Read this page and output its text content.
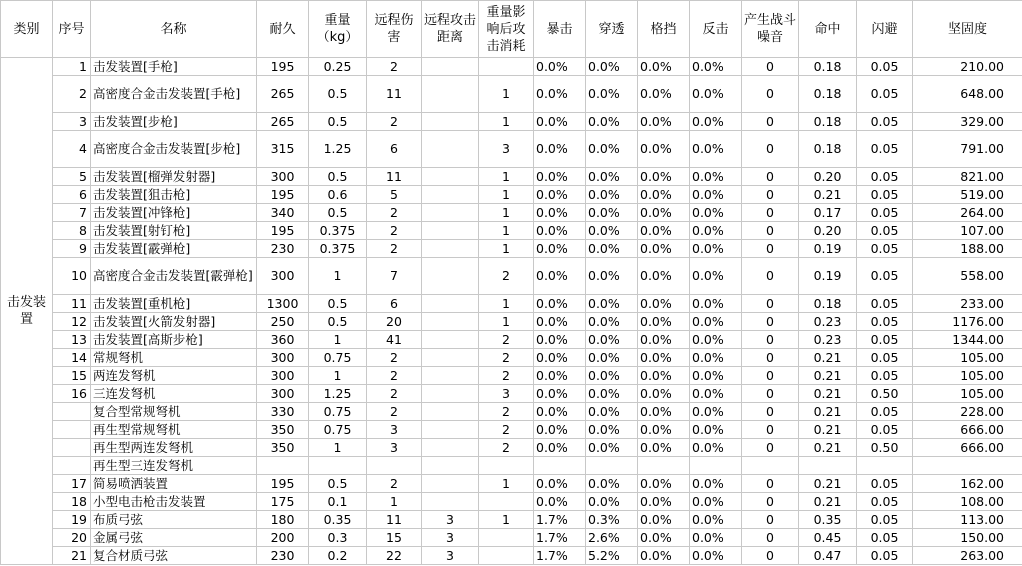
类别	序号	名称	耐久	重量（kg）	远程伤害	远程攻击距离	重量影响后攻击消耗	暴击	穿透	格挡	反击	产生战斗噪音	命中	闪避	坚固度
击发装置	1	击发装置[手枪]	195	0.25	2			0.0%	0.0%	0.0%	0.0%	0	0.18	0.05	210.00
	2	高密度合金击发装置[手枪]	265	0.5	11		1	0.0%	0.0%	0.0%	0.0%	0	0.18	0.05	648.00
	3	击发装置[步枪]	265	0.5	2		1	0.0%	0.0%	0.0%	0.0%	0	0.18	0.05	329.00
	4	高密度合金击发装置[步枪]	315	1.25	6		3	0.0%	0.0%	0.0%	0.0%	0	0.18	0.05	791.00
	5	击发装置[榴弹发射器]	300	0.5	11		1	0.0%	0.0%	0.0%	0.0%	0	0.20	0.05	821.00
	6	击发装置[狙击枪]	195	0.6	5		1	0.0%	0.0%	0.0%	0.0%	0	0.21	0.05	519.00
	7	击发装置[冲锋枪]	340	0.5	2		1	0.0%	0.0%	0.0%	0.0%	0	0.17	0.05	264.00
	8	击发装置[射钉枪]	195	0.375	2		1	0.0%	0.0%	0.0%	0.0%	0	0.20	0.05	107.00
	9	击发装置[霰弹枪]	230	0.375	2		1	0.0%	0.0%	0.0%	0.0%	0	0.19	0.05	188.00
	10	高密度合金击发装置[霰弹枪]	300	1	7		2	0.0%	0.0%	0.0%	0.0%	0	0.19	0.05	558.00
	11	击发装置[重机枪]	1300	0.5	6		1	0.0%	0.0%	0.0%	0.0%	0	0.18	0.05	233.00
	12	击发装置[火箭发射器]	250	0.5	20		1	0.0%	0.0%	0.0%	0.0%	0	0.23	0.05	1176.00
	13	击发装置[高斯步枪]	360	1	41		2	0.0%	0.0%	0.0%	0.0%	0	0.23	0.05	1344.00
	14	常规弩机	300	0.75	2		2	0.0%	0.0%	0.0%	0.0%	0	0.21	0.05	105.00
	15	两连发弩机	300	1	2		2	0.0%	0.0%	0.0%	0.0%	0	0.21	0.05	105.00
	16	三连发弩机	300	1.25	2		3	0.0%	0.0%	0.0%	0.0%	0	0.21	0.50	105.00
		复合型常规弩机	330	0.75	2		2	0.0%	0.0%	0.0%	0.0%	0	0.21	0.05	228.00
		再生型常规弩机	350	0.75	3		2	0.0%	0.0%	0.0%	0.0%	0	0.21	0.05	666.00
		再生型两连发弩机	350	1	3		2	0.0%	0.0%	0.0%	0.0%	0	0.21	0.50	666.00
		再生型三连发弩机													
	17	简易喷洒装置	195	0.5	2		1	0.0%	0.0%	0.0%	0.0%	0	0.21	0.05	162.00
	18	小型电击枪击发装置	175	0.1	1			0.0%	0.0%	0.0%	0.0%	0	0.21	0.05	108.00
	19	布质弓弦	180	0.35	11	3	1	1.7%	0.3%	0.0%	0.0%	0	0.35	0.05	113.00
	20	金属弓弦	200	0.3	15	3		1.7%	2.6%	0.0%	0.0%	0	0.45	0.05	150.00
	21	复合材质弓弦	230	0.2	22	3		1.7%	5.2%	0.0%	0.0%	0	0.47	0.05	263.00
